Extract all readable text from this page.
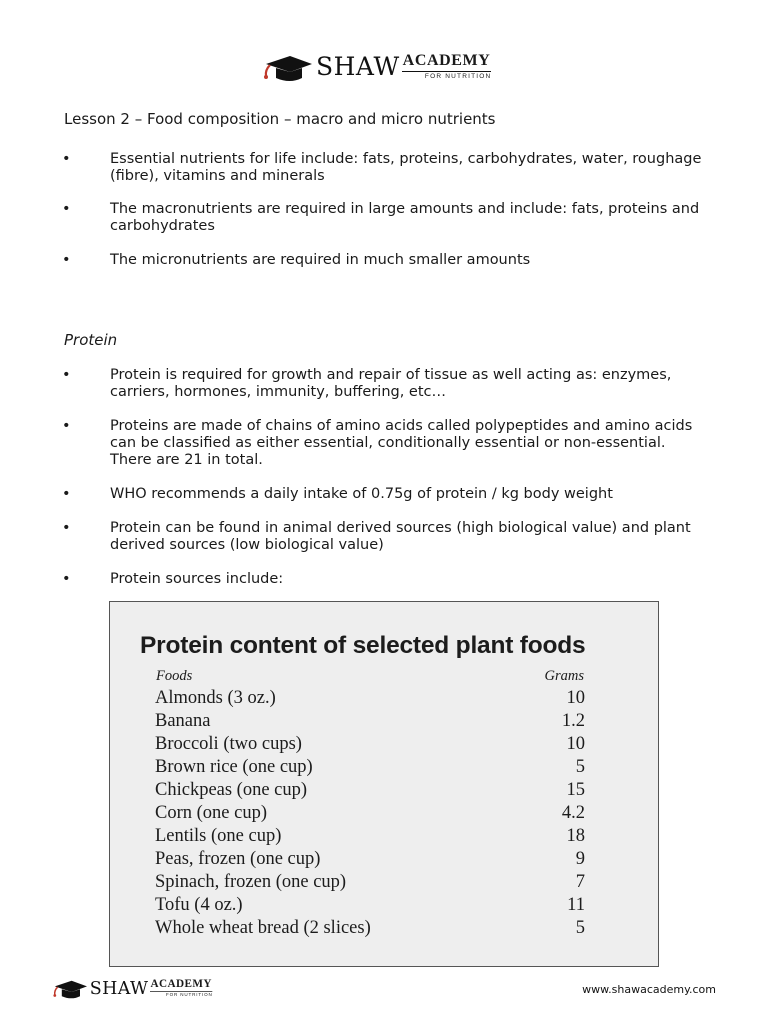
SHAW ACADEMY
FOR NUTRITION
Lesson 2 – Food composition – macro and micro nutrients
•	Essential nutrients for life include: fats, proteins, carbohydrates, water, roughage (fibre), vitamins and minerals
•	The macronutrients are required in large amounts and include: fats, proteins and carbohydrates
•	The micronutrients are required in much smaller amounts
Protein
•	Protein is required for growth and repair of tissue as well acting as: enzymes, carriers, hormones, immunity, buffering, etc…
•	Proteins are made of chains of amino acids called polypeptides and amino acids can be classified as either essential, conditionally essential or non-essential. There are 21 in total.
•	WHO recommends a daily intake of 0.75g of protein / kg body weight
•	Protein can be found in animal derived sources (high biological value) and plant derived sources (low biological value)
•	Protein sources include:
Protein content of selected plant foods
Foods	Grams
Almonds (3 oz.)	10
Banana	1.2
Broccoli (two cups)	10
Brown rice (one cup)	5
Chickpeas (one cup)	15
Corn (one cup)	4.2
Lentils (one cup)	18
Peas, frozen (one cup)	9
Spinach, frozen (one cup)	7
Tofu (4 oz.)	11
Whole wheat bread (2 slices)	5
SHAW ACADEMY
FOR NUTRITION	www.shawacademy.com
